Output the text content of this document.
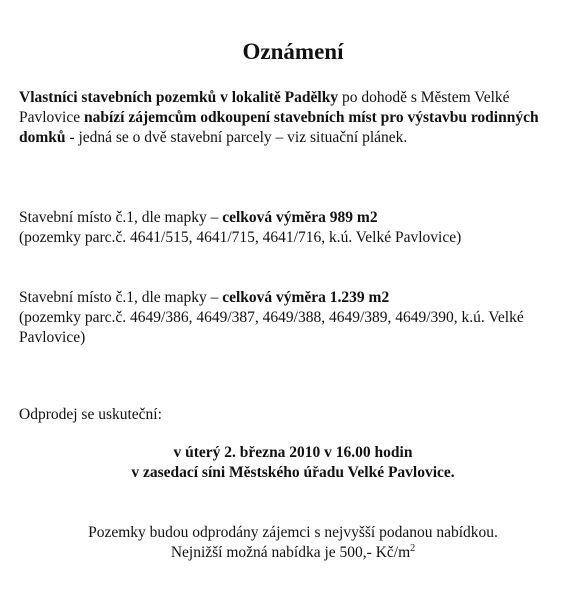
Oznámení
Vlastníci stavebních pozemků v lokalitě Padělky po dohodě s Městem Velké Pavlovice nabízí zájemcům odkoupení stavebních míst pro výstavbu rodinných domků - jedná se o dvě stavební parcely – viz situační plánek.
Stavební místo č.1, dle mapky – celková výměra 989 m2
(pozemky parc.č. 4641/515, 4641/715, 4641/716, k.ú. Velké Pavlovice)
Stavební místo č.1, dle mapky – celková výměra 1.239 m2
(pozemky parc.č. 4649/386, 4649/387, 4649/388, 4649/389, 4649/390, k.ú. Velké Pavlovice)
Odprodej se uskuteční:
v úterý 2. března 2010 v 16.00 hodin
v zasedací síni Městského úřadu Velké Pavlovice.
Pozemky budou odprodány zájemci s nejvyšší podanou nabídkou.
Nejnižší možná nabídka je 500,- $Kč/m^2$
